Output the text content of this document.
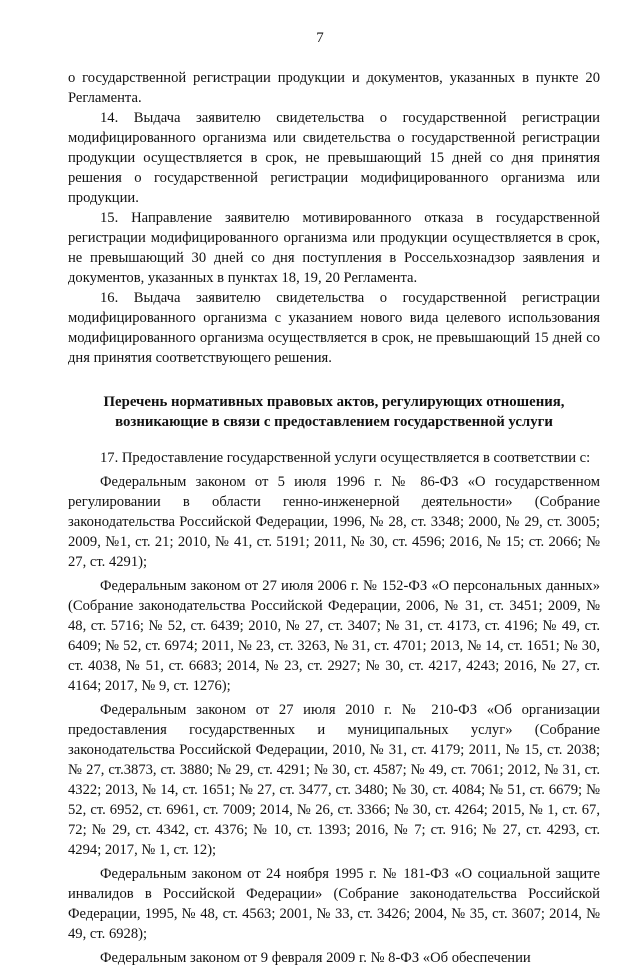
7

о государственной регистрации продукции и документов, указанных в пункте 20 Регламента.

14. Выдача заявителю свидетельства о государственной регистрации модифицированного организма или свидетельства о государственной регистрации продукции осуществляется в срок, не превышающий 15 дней со дня принятия решения о государственной регистрации модифицированного организма или продукции.

15. Направление заявителю мотивированного отказа в государственной регистрации модифицированного организма или продукции осуществляется в срок, не превышающий 30 дней со дня поступления в Россельхознадзор заявления и документов, указанных в пунктах 18, 19, 20 Регламента.

16. Выдача заявителю свидетельства о государственной регистрации модифицированного организма с указанием нового вида целевого использования модифицированного организма осуществляется в срок, не превышающий 15 дней со дня принятия соответствующего решения.

Перечень нормативных правовых актов, регулирующих отношения, возникающие в связи с предоставлением государственной услуги

17. Предоставление государственной услуги осуществляется в соответствии с:

Федеральным законом от 5 июля 1996 г. № 86-ФЗ «О государственном регулировании в области генно-инженерной деятельности» (Собрание законодательства Российской Федерации, 1996, № 28, ст. 3348; 2000, № 29, ст. 3005; 2009, №1, ст. 21; 2010, № 41, ст. 5191; 2011, № 30, ст. 4596; 2016, № 15; ст. 2066; № 27, ст. 4291);

Федеральным законом от 27 июля 2006 г. № 152-ФЗ «О персональных данных» (Собрание законодательства Российской Федерации, 2006, № 31, ст. 3451; 2009, № 48, ст. 5716; № 52, ст. 6439; 2010, № 27, ст. 3407; № 31, ст. 4173, ст. 4196; № 49, ст. 6409; № 52, ст. 6974; 2011, № 23, ст. 3263, № 31, ст. 4701; 2013, № 14, ст. 1651; № 30, ст. 4038, № 51, ст. 6683; 2014, № 23, ст. 2927; № 30, ст. 4217, 4243; 2016, № 27, ст. 4164; 2017, № 9, ст. 1276);

Федеральным законом от 27 июля 2010 г. № 210-ФЗ «Об организации предоставления государственных и муниципальных услуг» (Собрание законодательства Российской Федерации, 2010, № 31, ст. 4179; 2011, № 15, ст. 2038; № 27, ст.3873, ст. 3880; № 29, ст. 4291; № 30, ст. 4587; № 49, ст. 7061; 2012, № 31, ст. 4322; 2013, № 14, ст. 1651; № 27, ст. 3477, ст. 3480; № 30, ст. 4084; № 51, ст. 6679; № 52, ст. 6952, ст. 6961, ст. 7009; 2014, № 26, ст. 3366; № 30, ст. 4264; 2015, № 1, ст. 67, 72; № 29, ст. 4342, ст. 4376; № 10, ст. 1393; 2016, № 7; ст. 916; № 27, ст. 4293, ст. 4294; 2017, № 1, ст. 12);

Федеральным законом от 24 ноября 1995 г. № 181-ФЗ «О социальной защите инвалидов в Российской Федерации» (Собрание законодательства Российской Федерации, 1995, № 48, ст. 4563; 2001, № 33, ст. 3426; 2004, № 35, ст. 3607; 2014, № 49, ст. 6928);

Федеральным законом от 9 февраля 2009 г. № 8-ФЗ «Об обеспечении
